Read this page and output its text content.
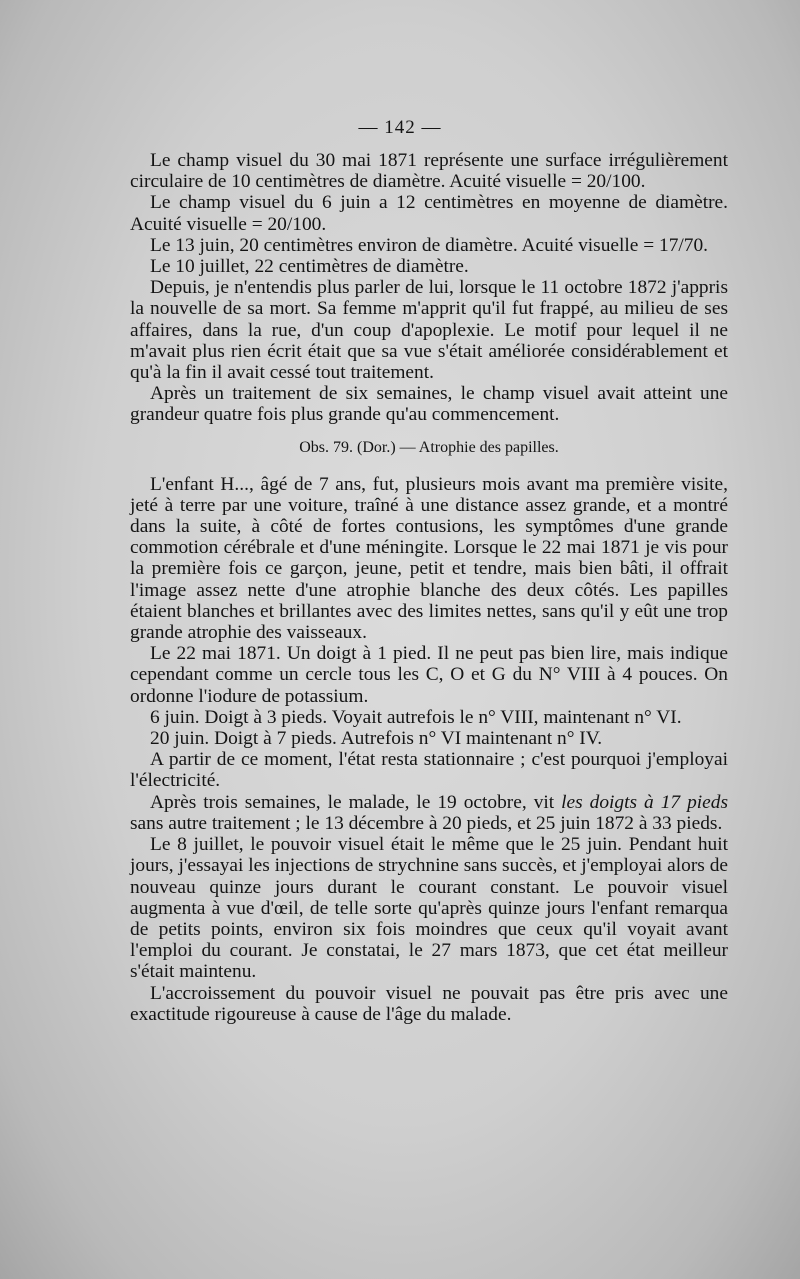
— 142 —

Le champ visuel du 30 mai 1871 représente une surface irrégulièrement circulaire de 10 centimètres de diamètre. Acuité visuelle = 20/100.

Le champ visuel du 6 juin a 12 centimètres en moyenne de diamètre. Acuité visuelle = 20/100.

Le 13 juin, 20 centimètres environ de diamètre. Acuité visuelle = 17/70.

Le 10 juillet, 22 centimètres de diamètre.

Depuis, je n'entendis plus parler de lui, lorsque le 11 octobre 1872 j'appris la nouvelle de sa mort. Sa femme m'apprit qu'il fut frappé, au milieu de ses affaires, dans la rue, d'un coup d'apoplexie. Le motif pour lequel il ne m'avait plus rien écrit était que sa vue s'était améliorée considérablement et qu'à la fin il avait cessé tout traitement.

Après un traitement de six semaines, le champ visuel avait atteint une grandeur quatre fois plus grande qu'au commencement.

Obs. 79. (Dor.) — Atrophie des papilles.

L'enfant H..., âgé de 7 ans, fut, plusieurs mois avant ma première visite, jeté à terre par une voiture, traîné à une distance assez grande, et a montré dans la suite, à côté de fortes contusions, les symptômes d'une grande commotion cérébrale et d'une méningite. Lorsque le 22 mai 1871 je vis pour la première fois ce garçon, jeune, petit et tendre, mais bien bâti, il offrait l'image assez nette d'une atrophie blanche des deux côtés. Les papilles étaient blanches et brillantes avec des limites nettes, sans qu'il y eût une trop grande atrophie des vaisseaux.

Le 22 mai 1871. Un doigt à 1 pied. Il ne peut pas bien lire, mais indique cependant comme un cercle tous les C, O et G du N° VIII à 4 pouces. On ordonne l'iodure de potassium.

6 juin. Doigt à 3 pieds. Voyait autrefois le n° VIII, maintenant n° VI.

20 juin. Doigt à 7 pieds. Autrefois n° VI maintenant n° IV.

A partir de ce moment, l'état resta stationnaire ; c'est pourquoi j'employai l'électricité.

Après trois semaines, le malade, le 19 octobre, vit les doigts à 17 pieds sans autre traitement ; le 13 décembre à 20 pieds, et 25 juin 1872 à 33 pieds.

Le 8 juillet, le pouvoir visuel était le même que le 25 juin. Pendant huit jours, j'essayai les injections de strychnine sans succès, et j'employai alors de nouveau quinze jours durant le courant constant. Le pouvoir visuel augmenta à vue d'œil, de telle sorte qu'après quinze jours l'enfant remarqua de petits points, environ six fois moindres que ceux qu'il voyait avant l'emploi du courant. Je constatai, le 27 mars 1873, que cet état meilleur s'était maintenu.

L'accroissement du pouvoir visuel ne pouvait pas être pris avec une exactitude rigoureuse à cause de l'âge du malade.
